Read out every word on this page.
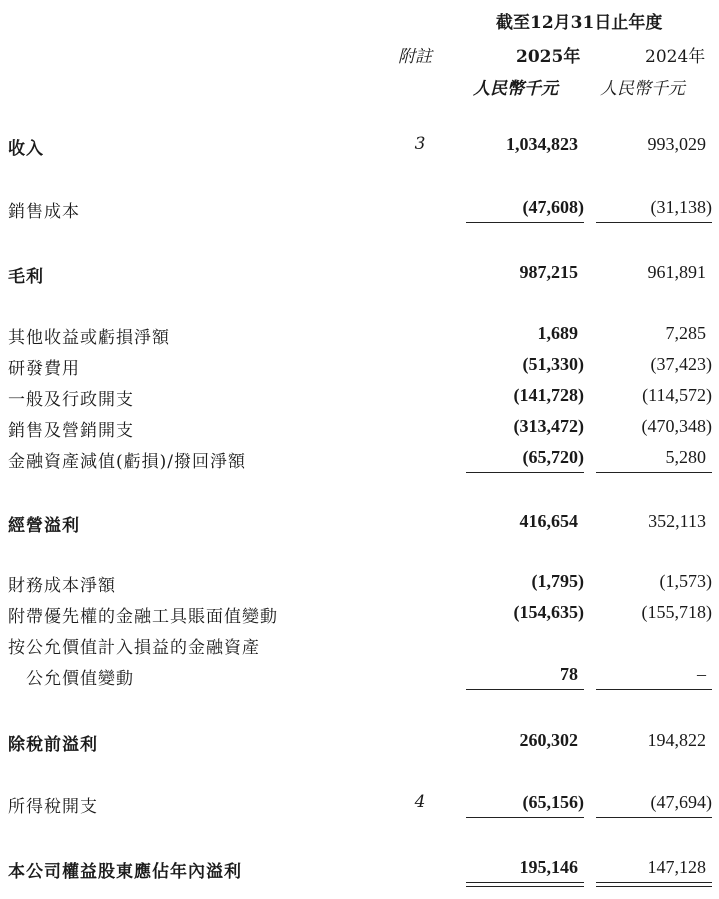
截至12月31日止年度
附註	2025年	2024年
人民幣千元 人民幣千元
收入	3	1,034,823	993,029
銷售成本	(47,608)	(31,138)
毛利	987,215	961,891
其他收益或虧損淨額	1,689	7,285
研發費用	(51,330)	(37,423)
一般及行政開支	(141,728)	(114,572)
銷售及營銷開支	(313,472)	(470,348)
金融資產減值(虧損)/撥回淨額	(65,720)	5,280
經營溢利	416,654	352,113
財務成本淨額	(1,795)	(1,573)
附帶優先權的金融工具賬面值變動	(154,635)	(155,718)
按公允價值計入損益的金融資產
公允價值變動	78	–
除稅前溢利	260,302	194,822
所得稅開支	4	(65,156)	(47,694)
本公司權益股東應佔年內溢利	195,146	147,128
